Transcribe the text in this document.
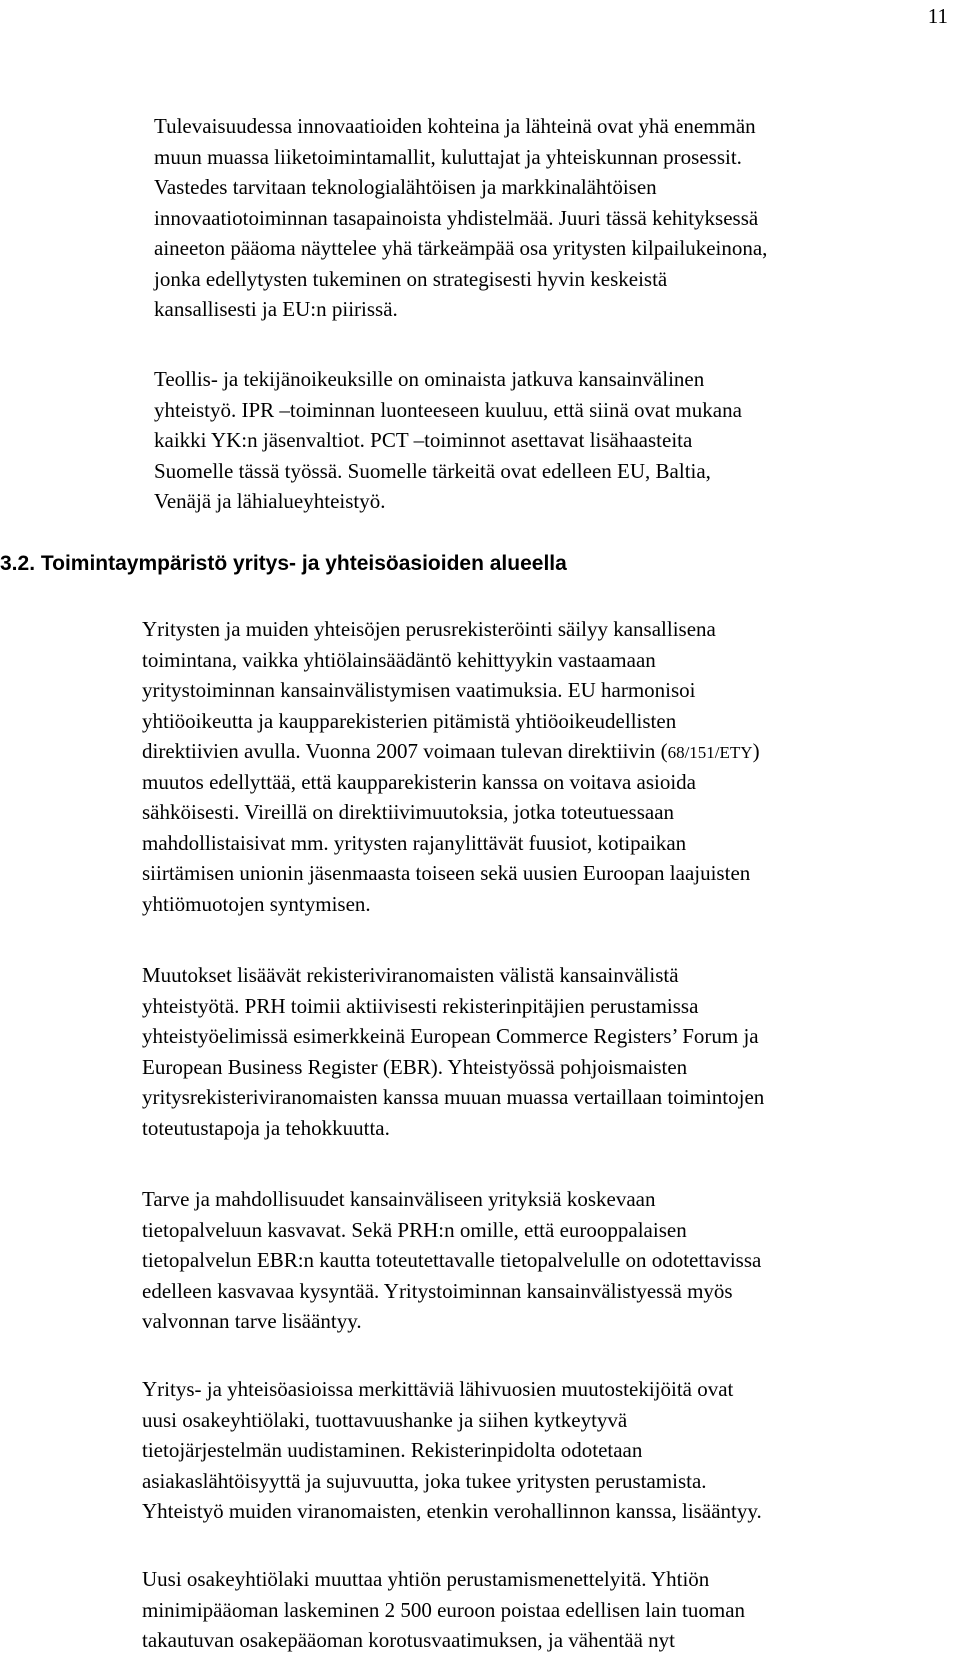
11
Tulevaisuudessa innovaatioiden kohteina ja lähteinä ovat yhä enemmän
muun muassa liiketoimintamallit, kuluttajat ja yhteiskunnan prosessit.
Vastedes tarvitaan teknologialähtöisen ja markkinalähtöisen
innovaatiotoiminnan tasapainoista yhdistelmää. Juuri tässä kehityksessä
aineeton pääoma näyttelee yhä tärkeämpää osa yritysten kilpailukeinona,
jonka edellytysten tukeminen on strategisesti hyvin keskeistä
kansallisesti ja EU:n piirissä.
Teollis- ja tekijänoikeuksille on ominaista jatkuva kansainvälinen
yhteistyö. IPR –toiminnan luonteeseen kuuluu, että siinä ovat mukana
kaikki YK:n jäsenvaltiot. PCT –toiminnot asettavat lisähaasteita
Suomelle tässä työssä. Suomelle tärkeitä ovat edelleen EU, Baltia,
Venäjä ja lähialueyhteistyö.
3.2. Toimintaympäristö yritys- ja yhteisöasioiden alueella
Yritysten ja muiden yhteisöjen perusrekisteröinti säilyy kansallisena
toimintana, vaikka yhtiölainsäädäntö kehittyykin vastaamaan
yritystoiminnan kansainvälistymisen vaatimuksia. EU harmonisoi
yhtiöoikeutta ja kaupparekisterien pitämistä yhtiöoikeudellisten
direktiivien avulla. Vuonna 2007 voimaan tulevan direktiivin (68/151/ETY)
muutos edellyttää, että kaupparekisterin kanssa on voitava asioida
sähköisesti. Vireillä on direktiivimuutoksia, jotka toteutuessaan
mahdollistaisivat mm. yritysten rajanylittävät fuusiot, kotipaikan
siirtämisen unionin jäsenmaasta toiseen sekä uusien Euroopan laajuisten
yhtiömuotojen syntymisen.
Muutokset lisäävät rekisteriviranomaisten välistä kansainvälistä
yhteistyötä. PRH toimii aktiivisesti rekisterinpitäjien perustamissa
yhteistyöelimissä esimerkkeinä European Commerce Registers’ Forum ja
European Business Register (EBR). Yhteistyössä pohjoismaisten
yritysrekisteriviranomaisten kanssa muuan muassa vertaillaan toimintojen
toteutustapoja ja tehokkuutta.
Tarve ja mahdollisuudet kansainväliseen yrityksiä koskevaan
tietopalveluun kasvavat. Sekä PRH:n omille, että eurooppalaisen
tietopalvelun EBR:n kautta toteutettavalle tietopalvelulle on odotettavissa
edelleen kasvavaa kysyntää. Yritystoiminnan kansainvälistyessä myös
valvonnan tarve lisääntyy.
Yritys- ja yhteisöasioissa merkittäviä lähivuosien muutostekijöitä ovat
uusi osakeyhtiölaki, tuottavuushanke ja siihen kytkeytyvä
tietojärjestelmän uudistaminen. Rekisterinpidolta odotetaan
asiakaslähtöisyyttä ja sujuvuutta, joka tukee yritysten perustamista.
Yhteistyö muiden viranomaisten, etenkin verohallinnon kanssa, lisääntyy.
Uusi osakeyhtiölaki muuttaa yhtiön perustamismenettelyitä. Yhtiön
minimipääoman laskeminen 2 500 euroon poistaa edellisen lain tuoman
takautuvan osakepääoman korotusvaatimuksen, ja vähentää nyt
